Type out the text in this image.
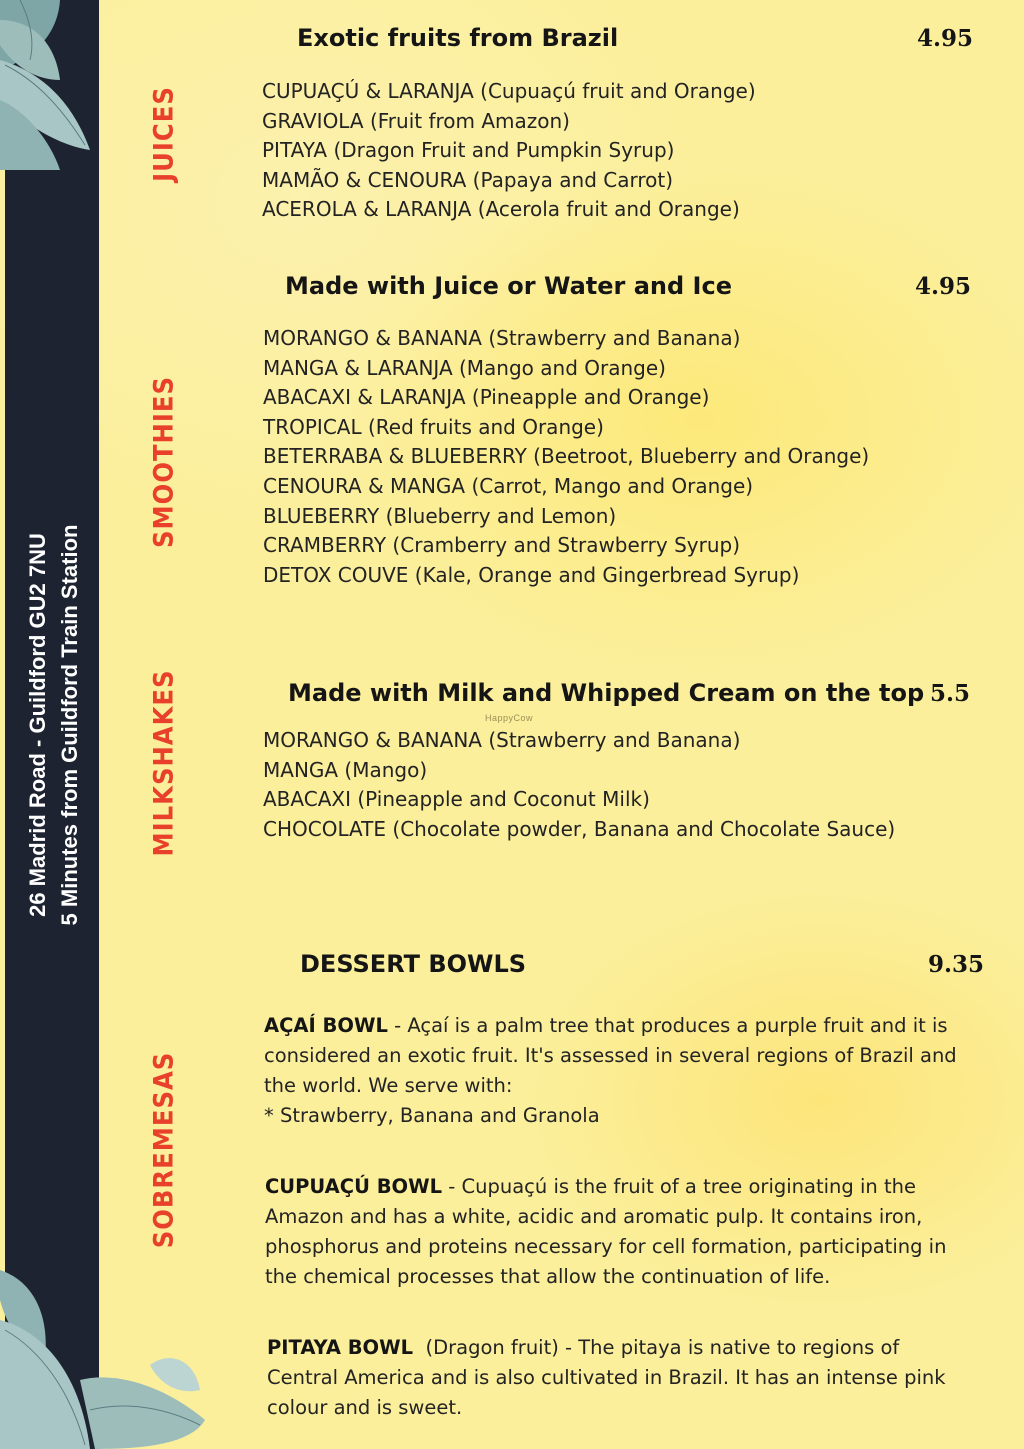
26 Madrid Road - Guildford GU2 7NU 5 Minutes from Guildford Train Station
JUICES
SMOOTHIES
MILKSHAKES
SOBREMESAS
Exotic fruits from Brazil	4.95
CUPUAÇÚ & LARANJA (Cupuaçú fruit and Orange)
GRAVIOLA (Fruit from Amazon)
PITAYA (Dragon Fruit and Pumpkin Syrup)
MAMÃO & CENOURA (Papaya and Carrot)
ACEROLA & LARANJA (Acerola fruit and Orange)
Made with Juice or Water and Ice	4.95
MORANGO & BANANA (Strawberry and Banana)
MANGA & LARANJA (Mango and Orange)
ABACAXI & LARANJA (Pineapple and Orange)
TROPICAL (Red fruits and Orange)
BETERRABA & BLUEBERRY (Beetroot, Blueberry and Orange)
CENOURA & MANGA (Carrot, Mango and Orange)
BLUEBERRY (Blueberry and Lemon)
CRAMBERRY (Cramberry and Strawberry Syrup)
DETOX COUVE (Kale, Orange and Gingerbread Syrup)
Made with Milk and Whipped Cream on the top 5.5
HappyCow
MORANGO & BANANA (Strawberry and Banana)
MANGA (Mango)
ABACAXI (Pineapple and Coconut Milk)
CHOCOLATE (Chocolate powder, Banana and Chocolate Sauce)
DESSERT BOWLS	9.35

AÇAÍ BOWL - Açaí is a palm tree that produces a purple fruit and it is considered an exotic fruit. It's assessed in several regions of Brazil and the world. We serve with:
* Strawberry, Banana and Granola

CUPUAÇÚ BOWL - Cupuaçú is the fruit of a tree originating in the Amazon and has a white, acidic and aromatic pulp. It contains iron, phosphorus and proteins necessary for cell formation, participating in the chemical processes that allow the continuation of life.

PITAYA BOWL  (Dragon fruit) - The pitaya is native to regions of Central America and is also cultivated in Brazil. It has an intense pink colour and is sweet.
